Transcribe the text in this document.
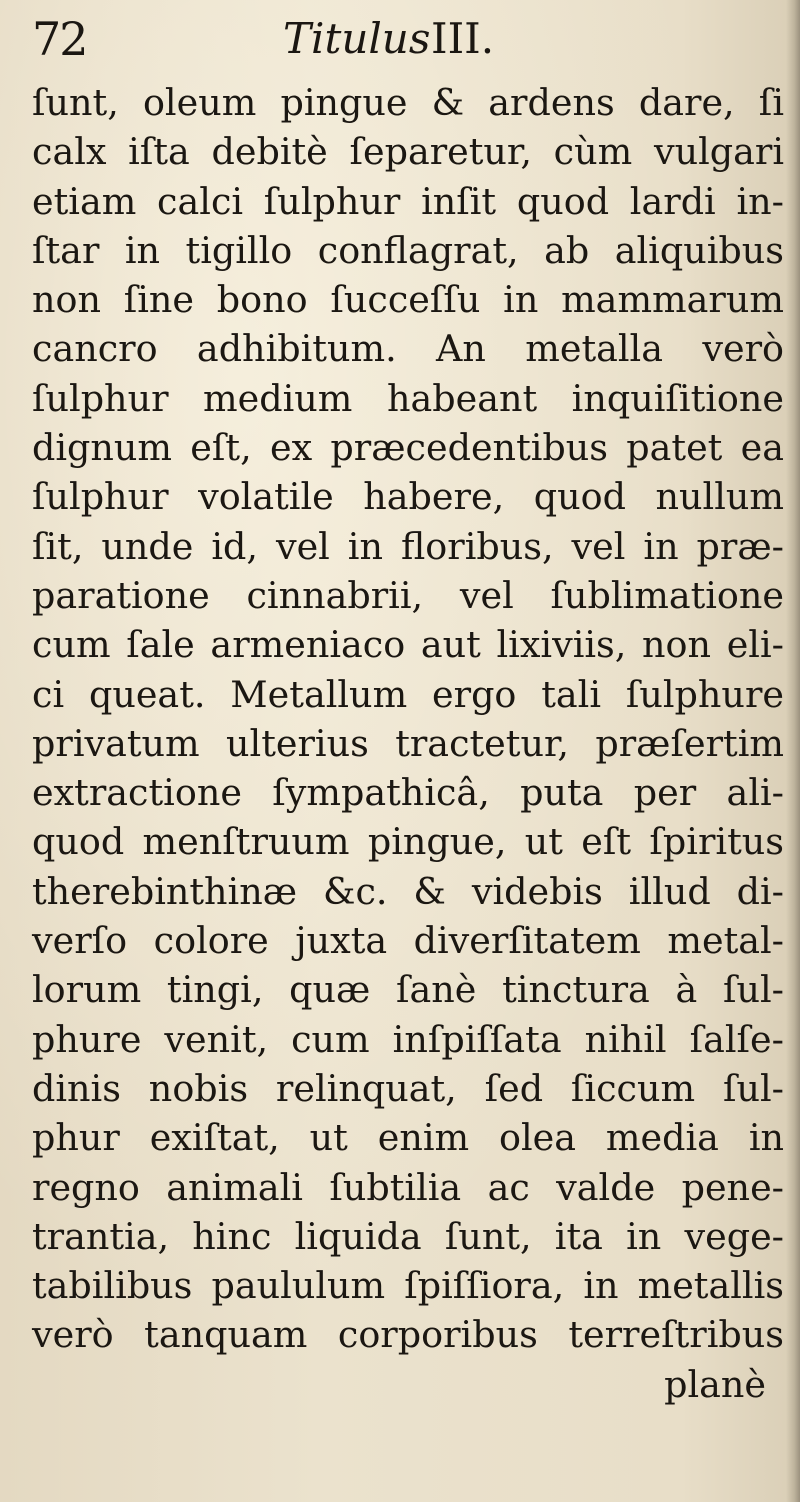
72	Titulus III.
ſunt, oleum pingue & ardens dare, ſi
calx iſta debitè ſeparetur, cùm vulgari
etiam calci ſulphur inſit quod lardi in-
ſtar in tigillo conflagrat, ab aliquibus
non ſine bono ſucceſſu in mammarum
cancro adhibitum. An metalla verò
ſulphur medium habeant inquiſitione
dignum eſt, ex præcedentibus patet ea
ſulphur volatile habere, quod nullum
ſit, unde id, vel in floribus, vel in præ-
paratione cinnabrii, vel ſublimatione
cum ſale armeniaco aut lixiviis, non eli-
ci queat. Metallum ergo tali ſulphure
privatum ulterius tractetur, præſertim
extractione ſympathicâ, puta per ali-
quod menſtruum pingue, ut eſt ſpiritus
therebinthinæ &c. & videbis illud di-
verſo colore juxta diverſitatem metal-
lorum tingi, quæ ſanè tinctura à ſul-
phure venit, cum inſpiſſata nihil ſalſe-
dinis nobis relinquat, ſed ſiccum ſul-
phur exiſtat, ut enim olea media in
regno animali ſubtilia ac valde pene-
trantia, hinc liquida ſunt, ita in vege-
tabilibus paululum ſpiſſiora, in metallis
verò tanquam corporibus terreſtribus
planè
